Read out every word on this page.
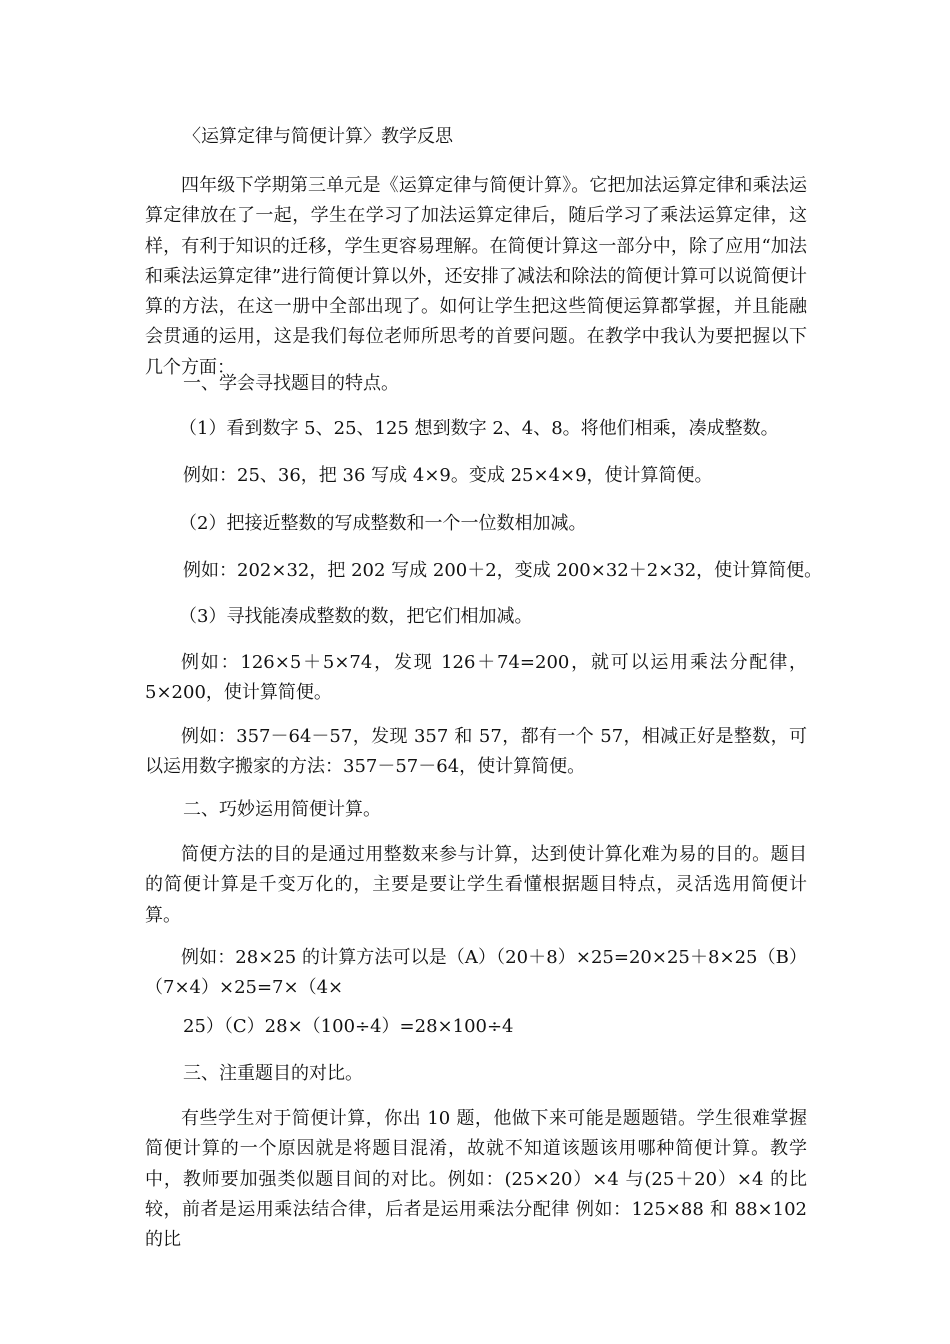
〈运算定律与简便计算〉教学反思

四年级下学期第三单元是《运算定律与简便计算》。它把加法运算定律和乘法运算定律放在了一起，学生在学习了加法运算定律后，随后学习了乘法运算定律，这样，有利于知识的迁移，学生更容易理解。在简便计算这一部分中，除了应用“加法和乘法运算定律”进行简便计算以外，还安排了减法和除法的简便计算可以说简便计算的方法，在这一册中全部出现了。如何让学生把这些简便运算都掌握，并且能融会贯通的运用，这是我们每位老师所思考的首要问题。在教学中我认为要把握以下几个方面：

一、学会寻找题目的特点。
（1）看到数字 5、25、125 想到数字 2、4、8。将他们相乘，凑成整数。
例如：25、36，把 36 写成 4×9。变成 25×4×9，使计算简便。
（2）把接近整数的写成整数和一个一位数相加减。
例如：202×32，把 202 写成 200＋2，变成 200×32＋2×32，使计算简便。
（3）寻找能凑成整数的数，把它们相加减。

例如：126×5＋5×74，发现 126＋74=200，就可以运用乘法分配律，5×200，使计算简便。

例如：357－64－57，发现 357 和 57，都有一个 57，相减正好是整数，可以运用数字搬家的方法：357－57－64，使计算简便。

二、巧妙运用简便计算。

简便方法的目的是通过用整数来参与计算，达到使计算化难为易的目的。题目的简便计算是千变万化的，主要是要让学生看懂根据题目特点，灵活选用简便计算。

例如：28×25 的计算方法可以是（A）（20＋8）×25=20×25＋8×25（B）（7×4）×25=7×（4×

25）（C）28×（100÷4）=28×100÷4
三、注重题目的对比。

有些学生对于简便计算，你出 10 题，他做下来可能是题题错。学生很难掌握简便计算的一个原因就是将题目混淆，故就不知道该题该用哪种简便计算。教学中，教师要加强类似题目间的对比。例如：(25×20）×4 与(25＋20）×4 的比较，前者是运用乘法结合律，后者是运用乘法分配律 例如：125×88 和 88×102 的比
